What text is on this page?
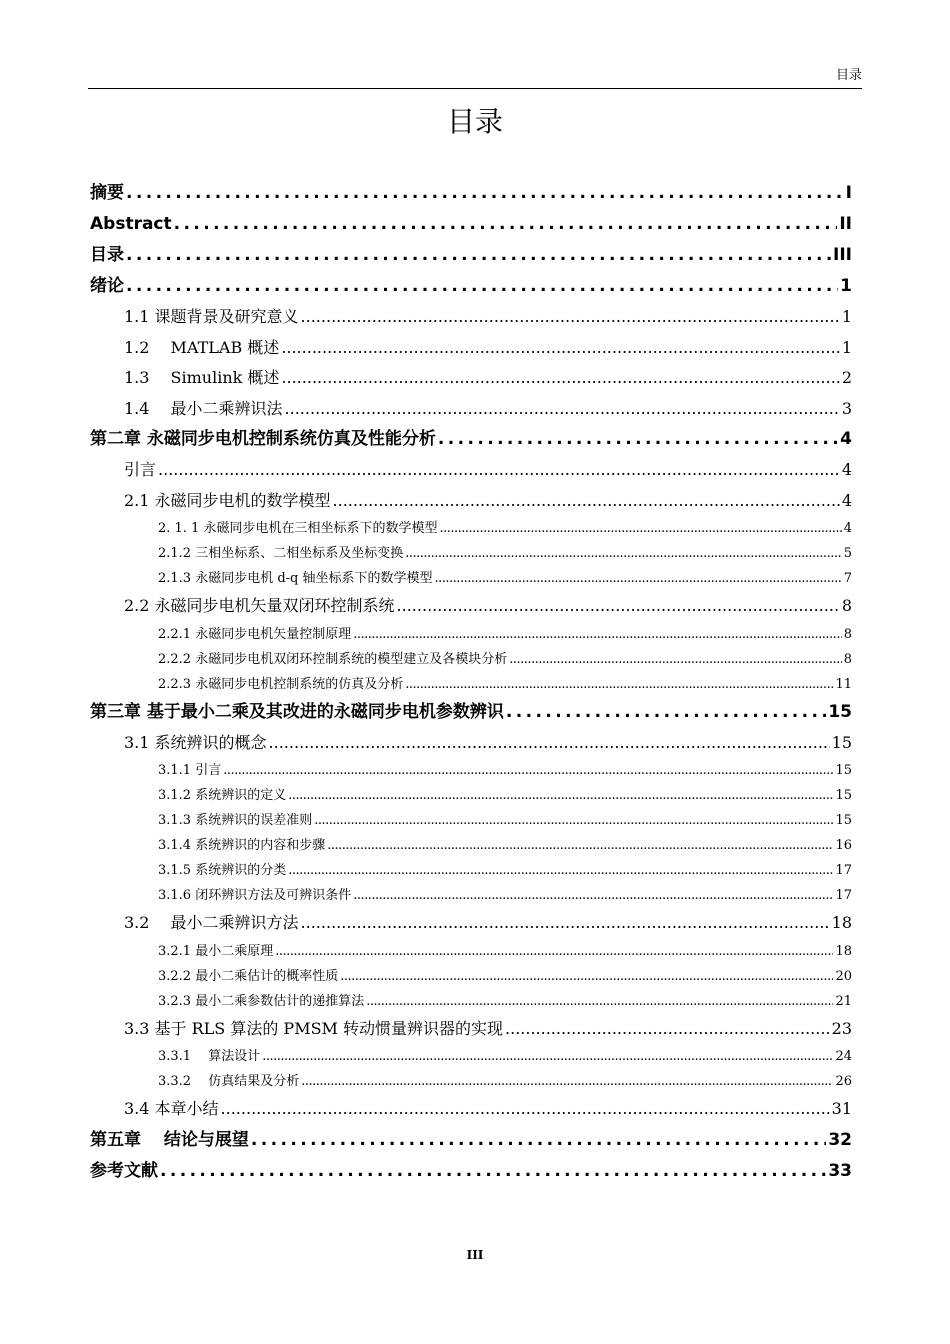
目录
目录
摘要 .....	I
Abstract .....	II
目录 .....	III
绪论 .....	1
1.1 课题背景及研究意义 .....	1
1.2 　MATLAB 概述 .....	1
1.3 　Simulink 概述 .....	2
1.4 　最小二乘辨识法 .....	3
第二章 永磁同步电机控制系统仿真及性能分析 .....	4
引言 .....	4
2.1 永磁同步电机的数学模型 .....	4
2. 1. 1 永磁同步电机在三相坐标系下的数学模型 .....	4
2.1.2 三相坐标系、二相坐标系及坐标变换 .....	5
2.1.3 永磁同步电机 d-q 轴坐标系下的数学模型 .....	7
2.2 永磁同步电机矢量双闭环控制系统 .....	8
2.2.1 永磁同步电机矢量控制原理 .....	8
2.2.2 永磁同步电机双闭环控制系统的模型建立及各模块分析 .....	8
2.2.3 永磁同步电机控制系统的仿真及分析 .....	11
第三章 基于最小二乘及其改进的永磁同步电机参数辨识 .....	15
3.1 系统辨识的概念 .....	15
3.1.1 引言 .....	15
3.1.2 系统辨识的定义 .....	15
3.1.3 系统辨识的误差准则 .....	15
3.1.4 系统辨识的内容和步骤 .....	16
3.1.5 系统辨识的分类 .....	17
3.1.6 闭环辨识方法及可辨识条件 .....	17
3.2 　最小二乘辨识方法 .....	18
3.2.1 最小二乘原理 .....	18
3.2.2 最小二乘估计的概率性质 .....	20
3.2.3 最小二乘参数估计的递推算法 .....	21
3.3 基于 RLS 算法的 PMSM 转动惯量辨识器的实现 .....	23
3.3.1 　算法设计 .....	24
3.3.2 　仿真结果及分析 .....	26
3.4 本章小结 .....	31
第五章 　结论与展望 .....	32
参考文献 .....	33
III
